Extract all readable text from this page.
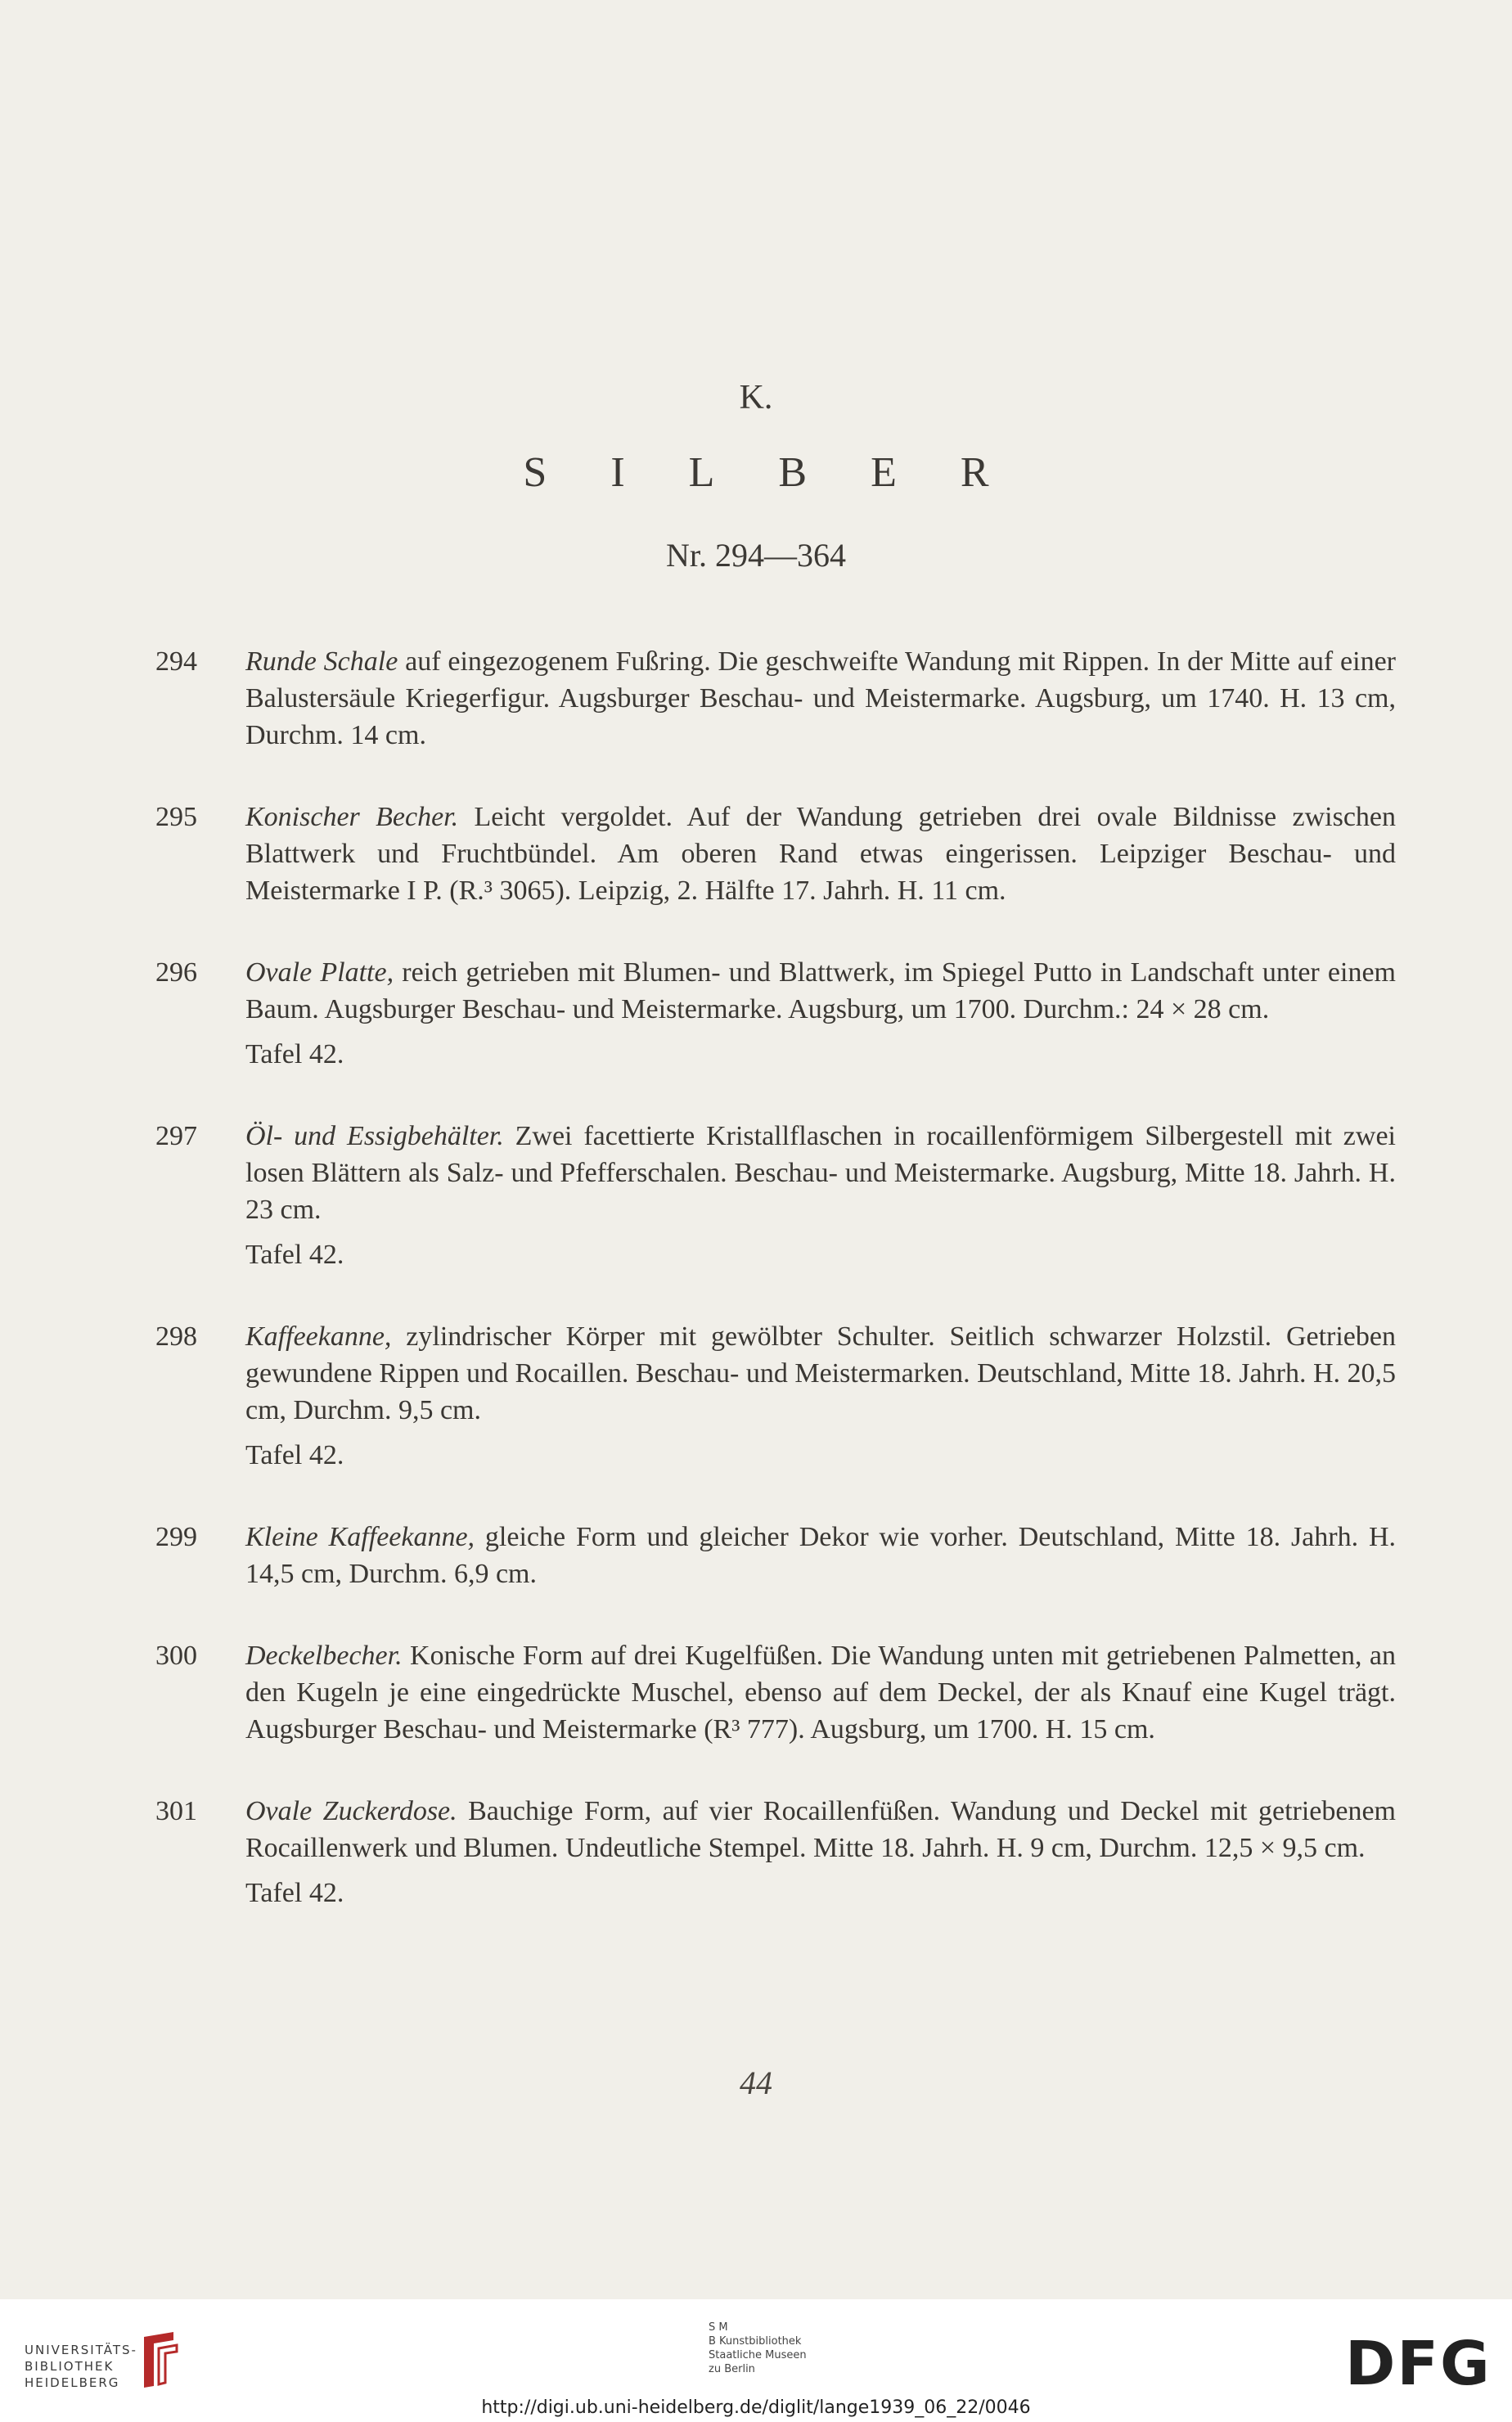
K.
SILBER
Nr. 294—364
294 Runde Schale auf eingezogenem Fußring. Die geschweifte Wandung mit Rippen. In der Mitte auf einer Balustersäule Kriegerfigur. Augsburger Beschau- und Meistermarke. Augsburg, um 1740. H. 13 cm, Durchm. 14 cm.
295 Konischer Becher. Leicht vergoldet. Auf der Wandung getrieben drei ovale Bildnisse zwischen Blattwerk und Fruchtbündel. Am oberen Rand etwas eingerissen. Leipziger Beschau- und Meistermarke I P. (R.³ 3065). Leipzig, 2. Hälfte 17. Jahrh. H. 11 cm.
296 Ovale Platte, reich getrieben mit Blumen- und Blattwerk, im Spiegel Putto in Landschaft unter einem Baum. Augsburger Beschau- und Meistermarke. Augsburg, um 1700. Durchm.: 24 × 28 cm.
Tafel 42.
297 Öl- und Essigbehälter. Zwei facettierte Kristallflaschen in rocaillenförmigem Silbergestell mit zwei losen Blättern als Salz- und Pfefferschalen. Beschau- und Meistermarke. Augsburg, Mitte 18. Jahrh. H. 23 cm.
Tafel 42.
298 Kaffeekanne, zylindrischer Körper mit gewölbter Schulter. Seitlich schwarzer Holzstil. Getrieben gewundene Rippen und Rocaillen. Beschau- und Meistermarken. Deutschland, Mitte 18. Jahrh. H. 20,5 cm, Durchm. 9,5 cm.
Tafel 42.
299 Kleine Kaffeekanne, gleiche Form und gleicher Dekor wie vorher. Deutschland, Mitte 18. Jahrh. H. 14,5 cm, Durchm. 6,9 cm.
300 Deckelbecher. Konische Form auf drei Kugelfüßen. Die Wandung unten mit getriebenen Palmetten, an den Kugeln je eine eingedrückte Muschel, ebenso auf dem Deckel, der als Knauf eine Kugel trägt. Augsburger Beschau- und Meistermarke (R³ 777). Augsburg, um 1700. H. 15 cm.
301 Ovale Zuckerdose. Bauchige Form, auf vier Rocaillenfüßen. Wandung und Deckel mit getriebenem Rocaillenwerk und Blumen. Undeutliche Stempel. Mitte 18. Jahrh. H. 9 cm, Durchm. 12,5 × 9,5 cm.
Tafel 42.
44
UNIVERSITÄTS-
BIBLIOTHEK
HEIDELBERG
S M
B Kunstbibliothek
Staatliche Museen
zu Berlin	DFG
http://digi.ub.uni-heidelberg.de/diglit/lange1939_06_22/0046
